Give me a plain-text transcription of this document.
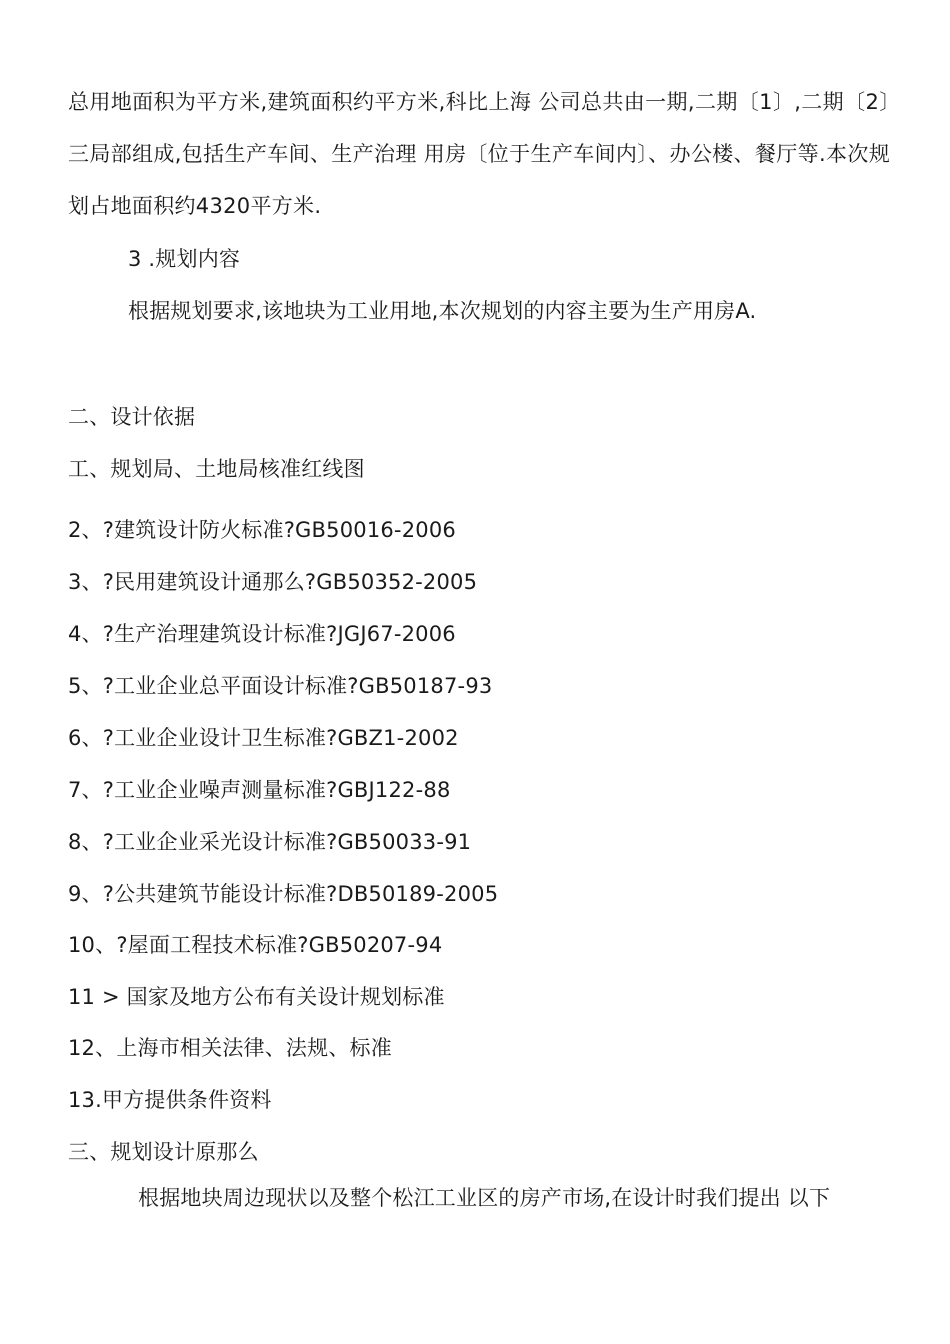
总用地面积为平方米,建筑面积约平方米,科比上海 公司总共由一期,二期〔1〕,二期〔2〕三局部组成,包括生产车间、生产治理 用房〔位于生产车间内〕、办公楼、餐厅等.本次规划占地面积约4320平方米.
3 .规划内容
根据规划要求,该地块为工业用地,本次规划的内容主要为生产用房A.
二、设计依据
工、规划局、土地局核准红线图
2、?建筑设计防火标准?GB50016-2006
3、?民用建筑设计通那么?GB50352-2005
4、?生产治理建筑设计标准?JGJ67-2006
5、?工业企业总平面设计标准?GB50187-93
6、?工业企业设计卫生标准?GBZ1-2002
7、?工业企业噪声测量标准?GBJ122-88
8、?工业企业采光设计标准?GB50033-91
9、?公共建筑节能设计标准?DB50189-2005
10、?屋面工程技术标准?GB50207-94
11 > 国家及地方公布有关设计规划标准
12、上海市相关法律、法规、标准
13.甲方提供条件资料
三、规划设计原那么
根据地块周边现状以及整个松江工业区的房产市场,在设计时我们提出 以下
